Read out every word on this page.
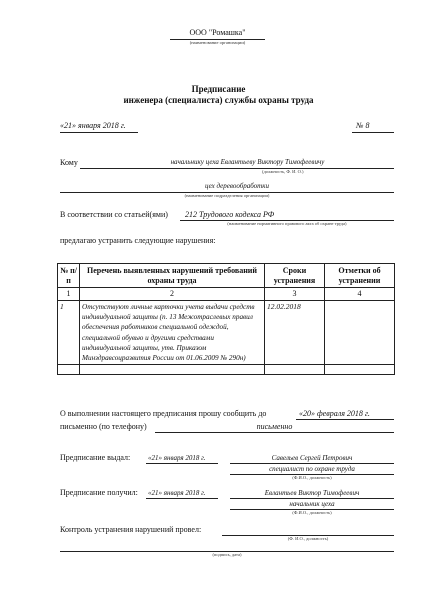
ООО "Ромашка"
(наименование организации)
Предписание
инженера (специалиста) службы охраны труда
«21» января 2018 г.	№ 8
Кому	начальнику цеха Евлантьеву Виктору Тимофеевичу
(должность, Ф. И. О.)
цех деревообработки
(наименование подразделения организации)
В соответствии со статьей(ями) 212 Трудового кодекса РФ
(наименование нормативного правового акта об охране труда)
предлагаю устранить следующие нарушения:
№ п/п	Перечень выявленных нарушений требований охраны труда	Сроки устранения	Отметки об устранении
1	2	3	4
1	Отсутствуют личные карточки учета выдачи средств индивидуальной защиты (п. 13 Межотраслевых правил обеспечения работников специальной одеждой, специальной обувью и другими средствами индивидуальной защиты, утв. Приказом Минздравсоцразвития России от 01.06.2009 № 290н)	12.02.2018	

О выполнении настоящего предписания прошу сообщить до	«20» февраля 2018 г.
письменно (по телефону)	письменно
Предписание выдал:	«21» января 2018 г.	Савельев Сергей Петрович
специалист по охране труда
(Ф.И.О., должность)
Предписание получил: «21» января 2018 г.	Евлантьев Виктор Тимофеевич
начальник цеха
(Ф.И.О., должность)
Контроль устранения нарушений провел:
(Ф. И.О., должность)
(подпись, дата)
